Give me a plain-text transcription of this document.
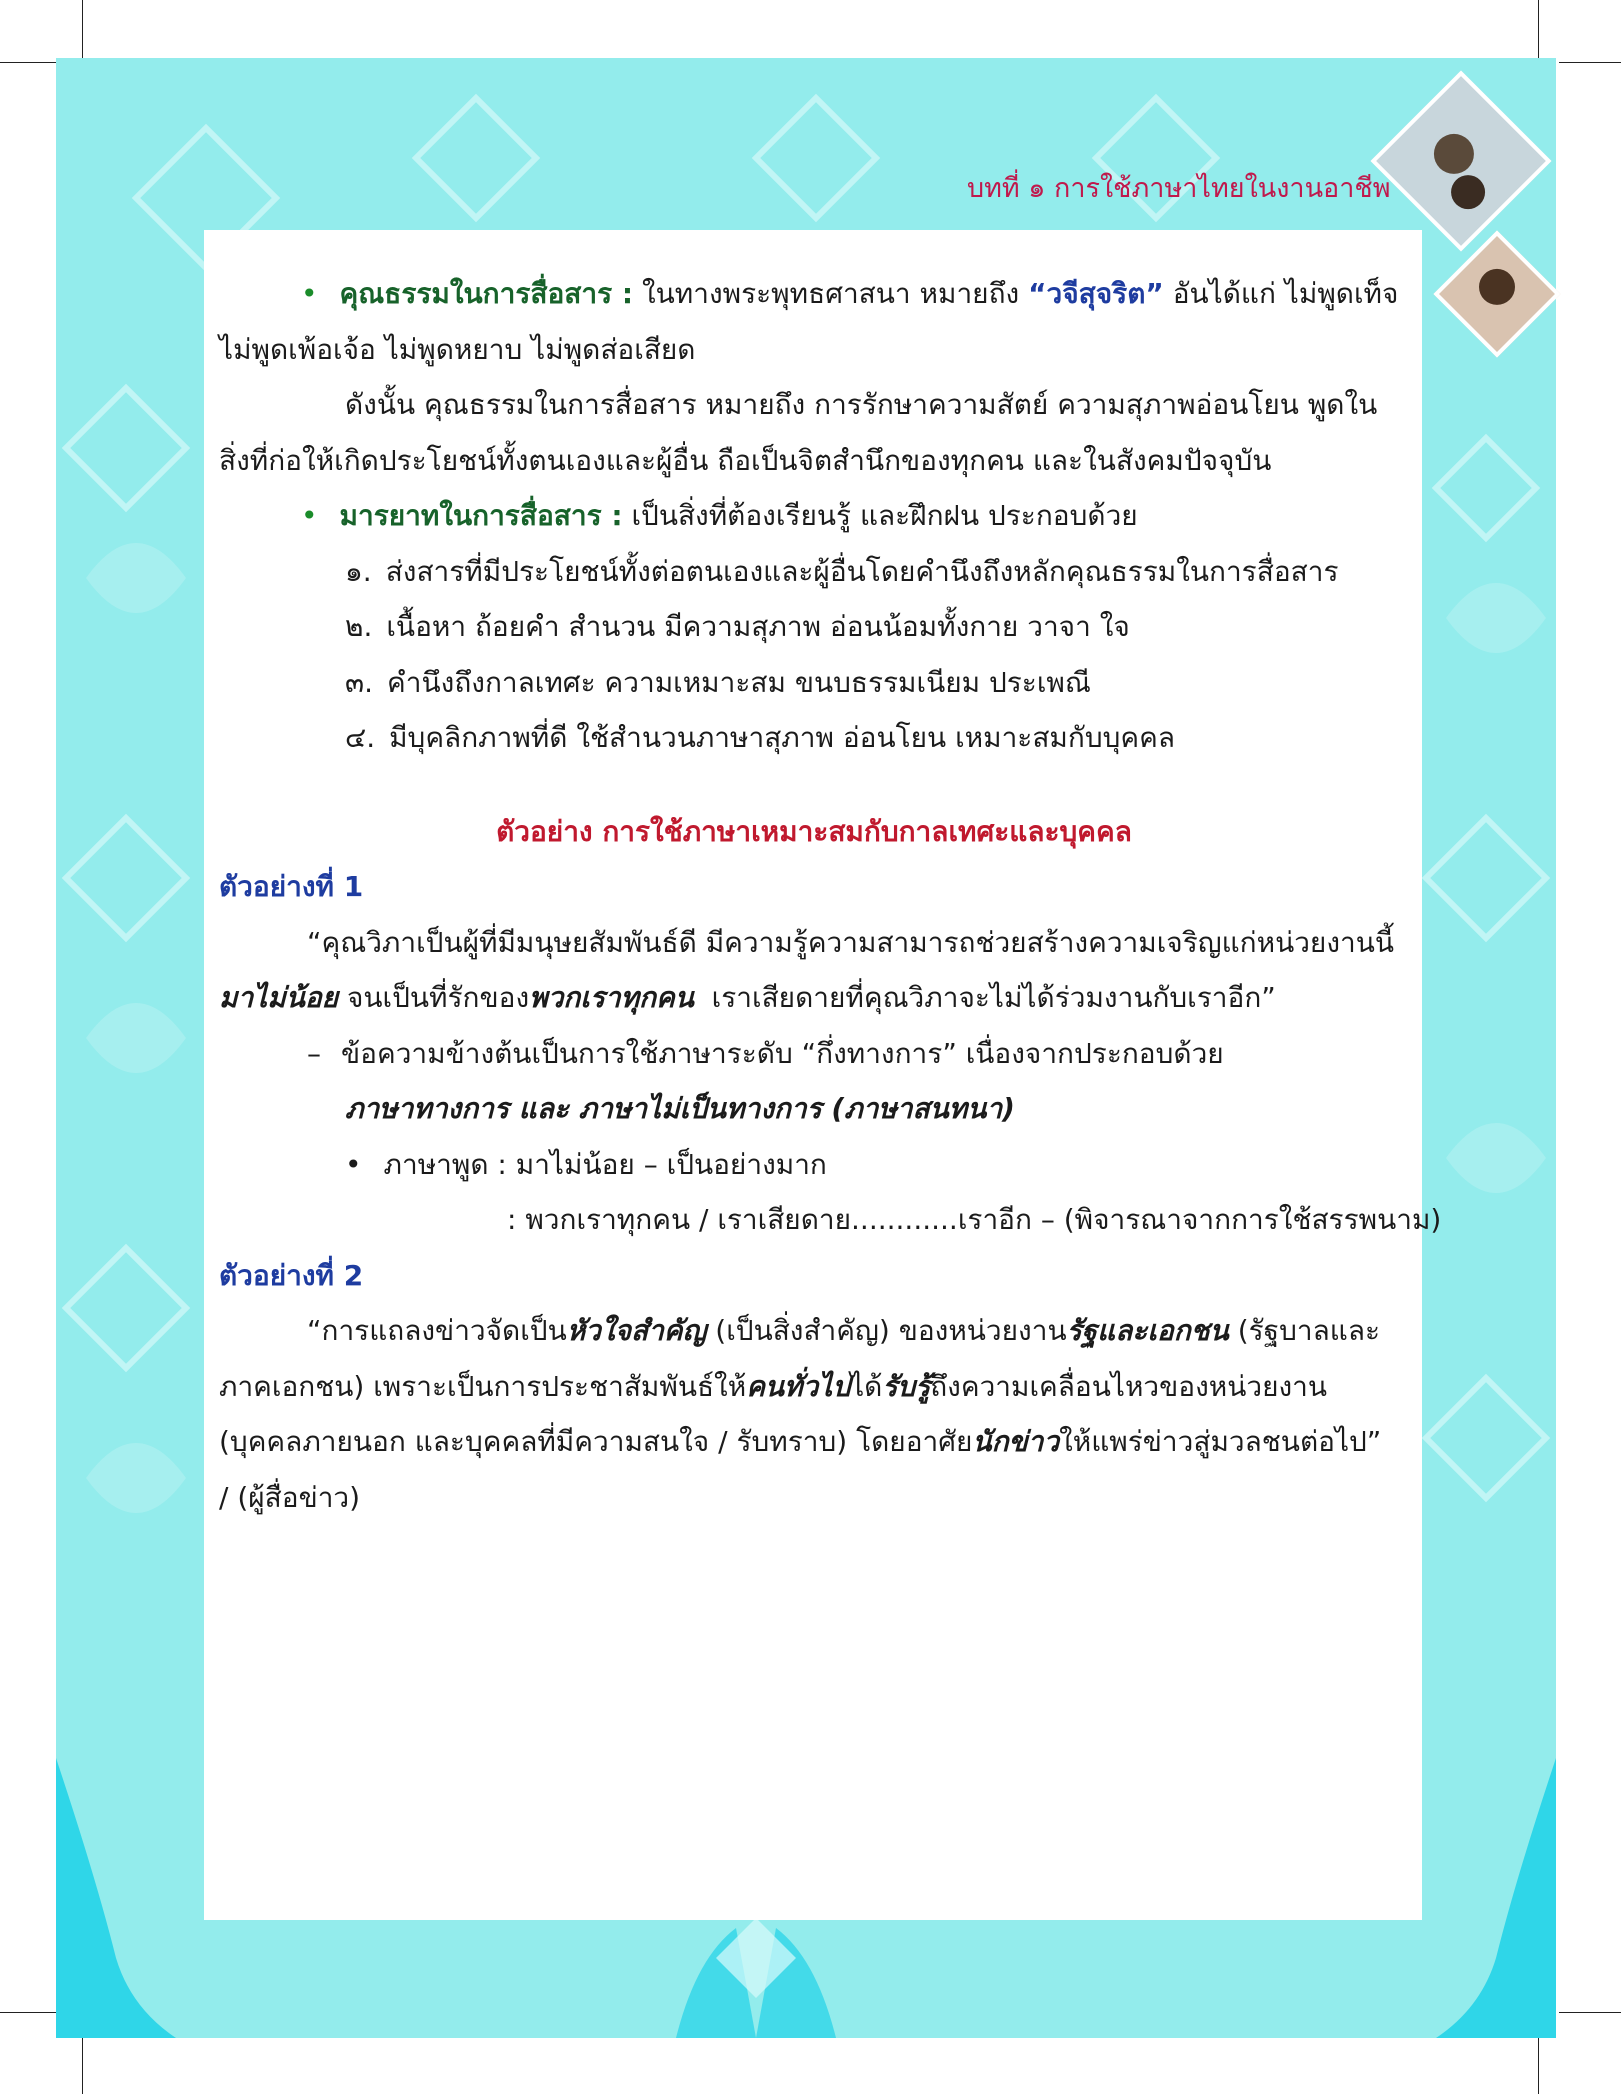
บทที่ ๑ การใช้ภาษาไทยในงานอาชีพ
• คุณธรรมในการสื่อสาร : ในทางพระพุทธศาสนา หมายถึง “วจีสุจริต” อันได้แก่ ไม่พูดเท็จ
ไม่พูดเพ้อเจ้อ ไม่พูดหยาบ ไม่พูดส่อเสียด
ดังนั้น คุณธรรมในการสื่อสาร หมายถึง การรักษาความสัตย์ ความสุภาพอ่อนโยน พูดใน
สิ่งที่ก่อให้เกิดประโยชน์ทั้งตนเองและผู้อื่น ถือเป็นจิตสำนึกของทุกคน และในสังคมปัจจุบัน
• มารยาทในการสื่อสาร : เป็นสิ่งที่ต้องเรียนรู้ และฝึกฝน ประกอบด้วย
๑. ส่งสารที่มีประโยชน์ทั้งต่อตนเองและผู้อื่นโดยคำนึงถึงหลักคุณธรรมในการสื่อสาร
๒. เนื้อหา ถ้อยคำ สำนวน มีความสุภาพ อ่อนน้อมทั้งกาย วาจา ใจ
๓. คำนึงถึงกาลเทศะ ความเหมาะสม ขนบธรรมเนียม ประเพณี
๔. มีบุคลิกภาพที่ดี ใช้สำนวนภาษาสุภาพ อ่อนโยน เหมาะสมกับบุคคล
ตัวอย่าง การใช้ภาษาเหมาะสมกับกาลเทศะและบุคคล
ตัวอย่างที่ 1
“คุณวิภาเป็นผู้ที่มีมนุษยสัมพันธ์ดี มีความรู้ความสามารถช่วยสร้างความเจริญแก่หน่วยงานนี้
มาไม่น้อย จนเป็นที่รักของพวกเราทุกคน เราเสียดายที่คุณวิภาจะไม่ได้ร่วมงานกับเราอีก”
– ข้อความข้างต้นเป็นการใช้ภาษาระดับ “กึ่งทางการ” เนื่องจากประกอบด้วย
ภาษาทางการ และ ภาษาไม่เป็นทางการ (ภาษาสนทนา)
• ภาษาพูด : มาไม่น้อย – เป็นอย่างมาก
: พวกเราทุกคน / เราเสียดาย............เราอีก – (พิจารณาจากการใช้สรรพนาม)
ตัวอย่างที่ 2
“การแถลงข่าวจัดเป็นหัวใจสำคัญ (เป็นสิ่งสำคัญ) ของหน่วยงานรัฐและเอกชน (รัฐบาลและ
ภาคเอกชน) เพราะเป็นการประชาสัมพันธ์ให้คนทั่วไปได้รับรู้ถึงความเคลื่อนไหวของหน่วยงาน
(บุคคลภายนอก และบุคคลที่มีความสนใจ / รับทราบ) โดยอาศัยนักข่าวให้แพร่ข่าวสู่มวลชนต่อไป”
/ (ผู้สื่อข่าว)
